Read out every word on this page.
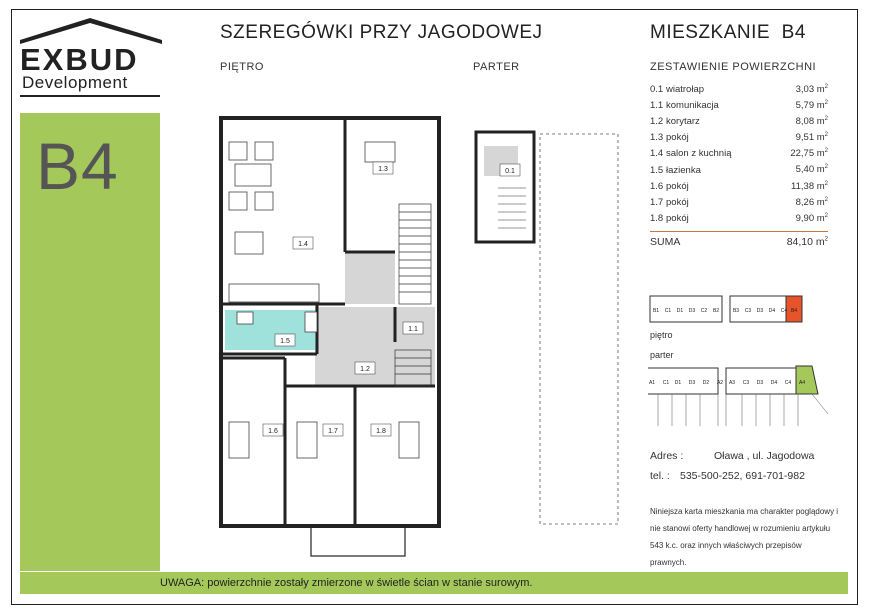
EXBUD
Development
B4
SZEREGÓWKI PRZY JAGODOWEJ	MIESZKANIE B4
PIĘTRO	PARTER	ZESTAWIENIE POWIERZCHNI
0.1 wiatrołap	3,03 $m^2$
1.1 komunikacja	5,79 $m^2$
1.2 korytarz	8,08 $m^2$
1.3 pokój	9,51 $m^2$
1.4 salon z kuchnią	22,75 $m^2$
1.5 łazienka	5,40 $m^2$
1.6 pokój	11,38 $m^2$
1.7 pokój	8,26 $m^2$
1.8 pokój	9,90 $m^2$
SUMA	84,10 $m^2$
1.1
1.2
1.3
1.4
1.5
1.6	1.7	1.8
0.1
B1 C1 D1 D3 C2 B2	B3 C3 D3 D4 C4 B4
piętro
parter
A1 C1 D1 D3 D2 A2 A3 C3 D3 D4 C4 A4
Adres :	Oława , ul. Jagodowa
tel. : 535-500-252, 691-701-982
Niniejsza karta mieszkania ma charakter poglądowy i nie stanowi oferty handlowej w rozumieniu artykułu 543 k.c. oraz innych właściwych przepisów prawnych.
UWAGA: powierzchnie zostały zmierzone w świetle ścian w stanie surowym.
